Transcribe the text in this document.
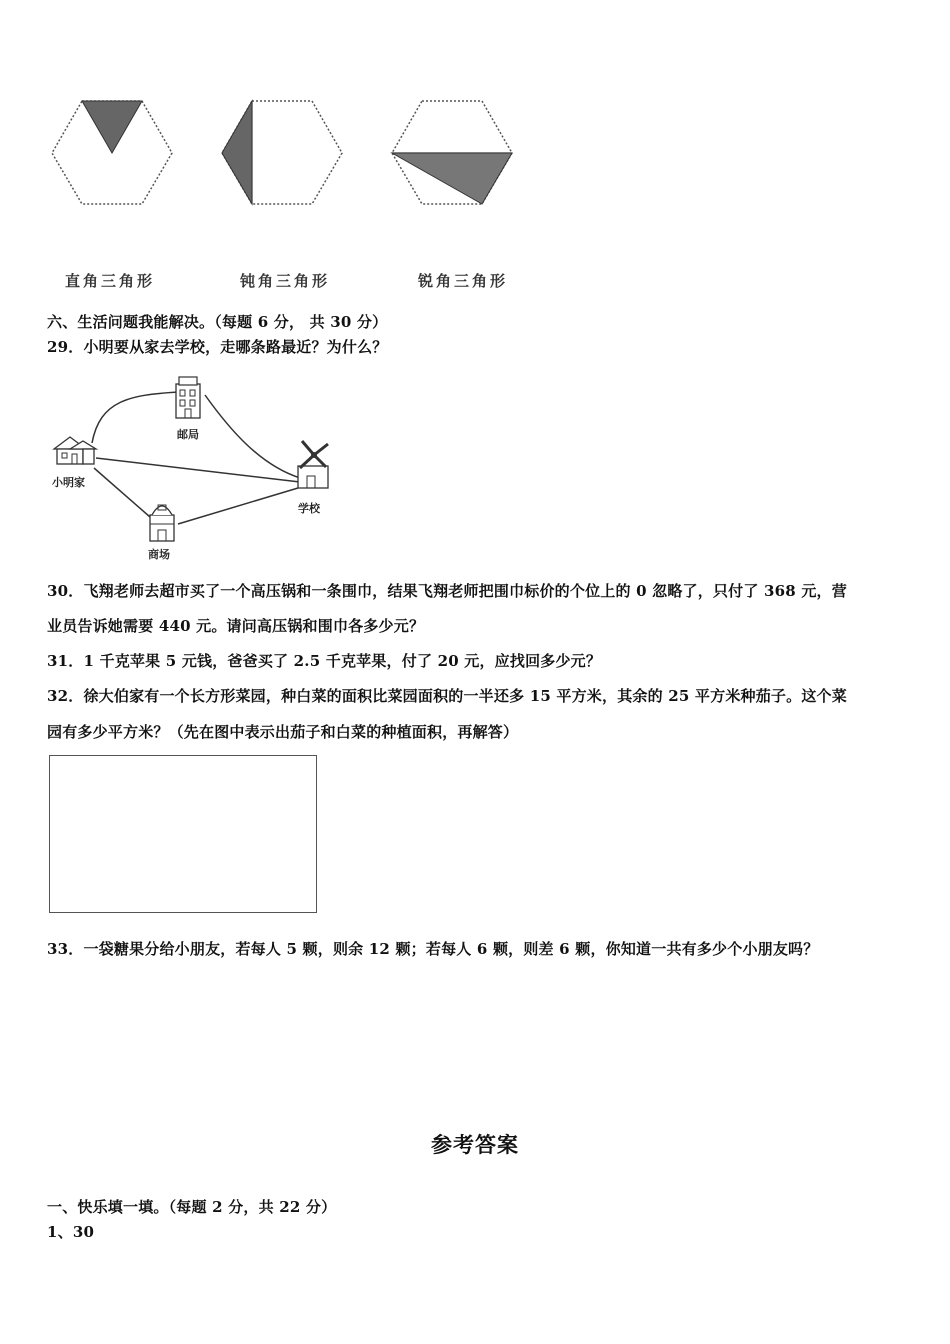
直角三角形	钝角三角形	锐角三角形
六、生活问题我能解决。（每题 6 分， 共 30 分）
29．小明要从家去学校，走哪条路最近？为什么？
邮局
小明家
学校
商场
30．飞翔老师去超市买了一个高压锅和一条围巾，结果飞翔老师把围巾标价的个位上的 0 忽略了，只付了 368 元，营
业员告诉她需要 440 元。请问高压锅和围巾各多少元？
31．1 千克苹果 5 元钱，爸爸买了 2.5 千克苹果，付了 20 元，应找回多少元？
32．徐大伯家有一个长方形菜园，种白菜的面积比菜园面积的一半还多 15 平方米，其余的 25 平方米种茄子。这个菜
园有多少平方米？（先在图中表示出茄子和白菜的种植面积，再解答）
33．一袋糖果分给小朋友，若每人 5 颗，则余 12 颗；若每人 6 颗，则差 6 颗，你知道一共有多少个小朋友吗？
参考答案
一、快乐填一填。（每题 2 分，共 22 分）
1、30
